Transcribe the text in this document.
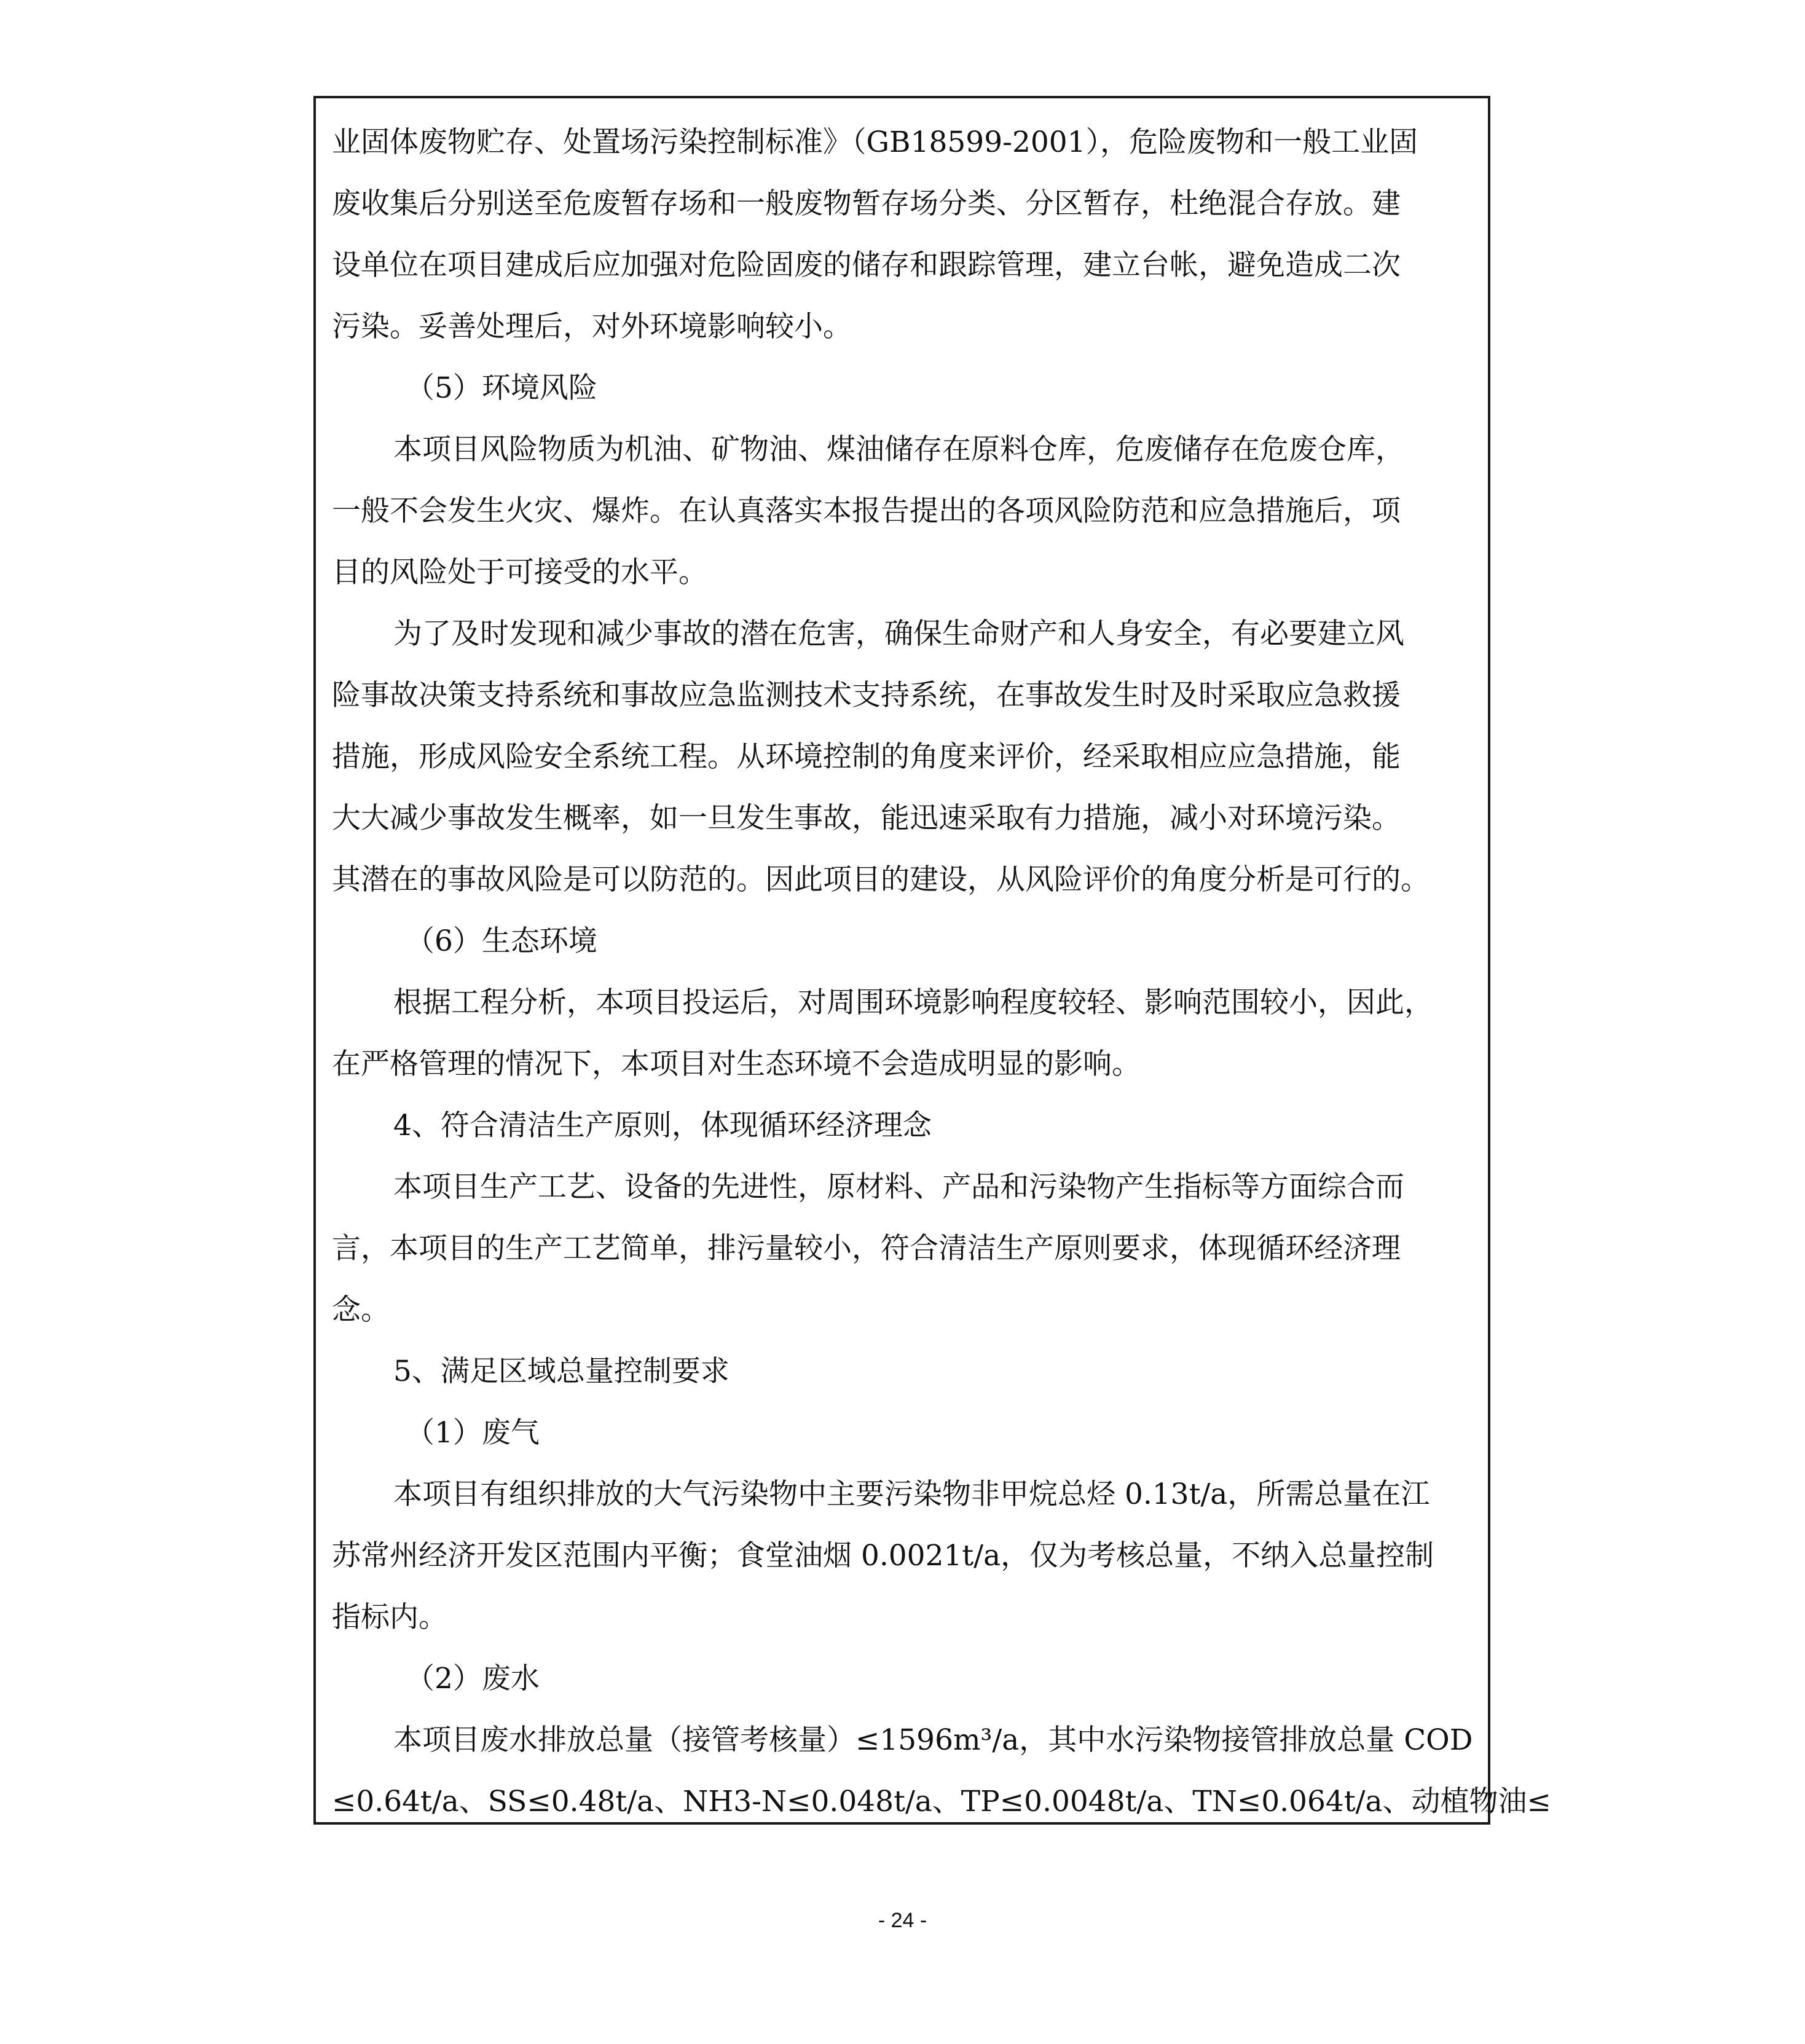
业固体废物贮存、处置场污染控制标准》（GB18599-2001），危险废物和一般工业固
废收集后分别送至危废暂存场和一般废物暂存场分类、分区暂存，杜绝混合存放。建
设单位在项目建成后应加强对危险固废的储存和跟踪管理，建立台帐，避免造成二次
污染。妥善处理后，对外环境影响较小。
（5）环境风险
本项目风险物质为机油、矿物油、煤油储存在原料仓库，危废储存在危废仓库，
一般不会发生火灾、爆炸。在认真落实本报告提出的各项风险防范和应急措施后，项
目的风险处于可接受的水平。
为了及时发现和减少事故的潜在危害，确保生命财产和人身安全，有必要建立风
险事故决策支持系统和事故应急监测技术支持系统，在事故发生时及时采取应急救援
措施，形成风险安全系统工程。从环境控制的角度来评价，经采取相应应急措施，能
大大减少事故发生概率，如一旦发生事故，能迅速采取有力措施，减小对环境污染。
其潜在的事故风险是可以防范的。因此项目的建设，从风险评价的角度分析是可行的。
（6）生态环境
根据工程分析，本项目投运后，对周围环境影响程度较轻、影响范围较小，因此，
在严格管理的情况下，本项目对生态环境不会造成明显的影响。
4、符合清洁生产原则，体现循环经济理念
本项目生产工艺、设备的先进性，原材料、产品和污染物产生指标等方面综合而
言，本项目的生产工艺简单，排污量较小，符合清洁生产原则要求，体现循环经济理
念。
5、满足区域总量控制要求
（1）废气
本项目有组织排放的大气污染物中主要污染物非甲烷总烃 0.13t/a，所需总量在江
苏常州经济开发区范围内平衡；食堂油烟 0.0021t/a，仅为考核总量，不纳入总量控制
指标内。
（2）废水
本项目废水排放总量（接管考核量）≤1596m³/a，其中水污染物接管排放总量 COD
≤0.64t/a、SS≤0.48t/a、NH3-N≤0.048t/a、TP≤0.0048t/a、TN≤0.064t/a、动植物油≤
- 24 -
